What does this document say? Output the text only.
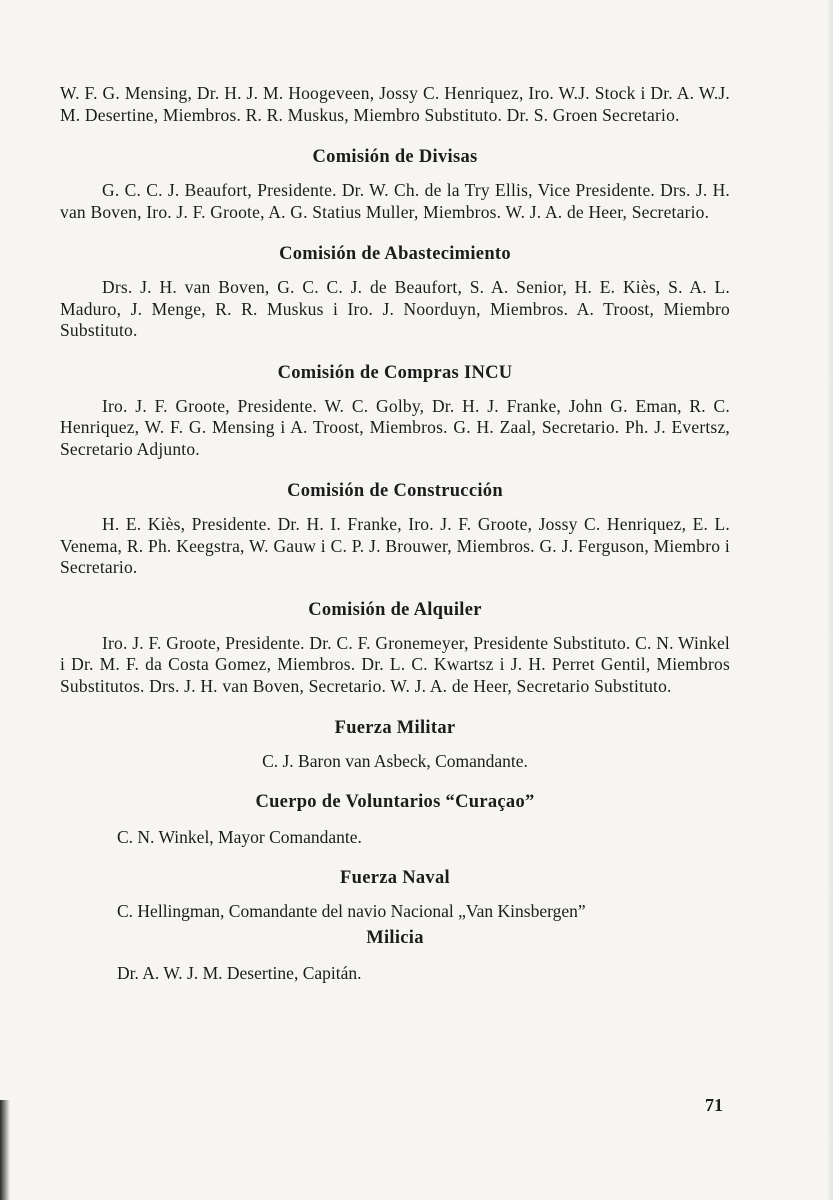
W. F. G. Mensing, Dr. H. J. M. Hoogeveen, Jossy C. Henriquez, Iro. W.J. Stock i Dr. A. W.J. M. Desertine, Miembros. R. R. Muskus, Miembro Substituto. Dr. S. Groen Secretario.

Comisión de Divisas

G. C. C. J. Beaufort, Presidente. Dr. W. Ch. de la Try Ellis, Vice Presidente. Drs. J. H. van Boven, Iro. J. F. Groote, A. G. Statius Muller, Miembros. W. J. A. de Heer, Secretario.

Comisión de Abastecimiento

Drs. J. H. van Boven, G. C. C. J. de Beaufort, S. A. Senior, H. E. Kiès, S. A. L. Maduro, J. Menge, R. R. Muskus i Iro. J. Noorduyn, Miembros. A. Troost, Miembro Substituto.

Comisión de Compras INCU

Iro. J. F. Groote, Presidente. W. C. Golby, Dr. H. J. Franke, John G. Eman, R. C. Henriquez, W. F. G. Mensing i A. Troost, Miembros. G. H. Zaal, Secretario. Ph. J. Evertsz, Secretario Adjunto.

Comisión de Construcción

H. E. Kiès, Presidente. Dr. H. I. Franke, Iro. J. F. Groote, Jossy C. Henriquez, E. L. Venema, R. Ph. Keegstra, W. Gauw i C. P. J. Brouwer, Miembros. G. J. Ferguson, Miembro i Secretario.

Comisión de Alquiler

Iro. J. F. Groote, Presidente. Dr. C. F. Gronemeyer, Presidente Substituto. C. N. Winkel i Dr. M. F. da Costa Gomez, Miembros. Dr. L. C. Kwartsz i J. H. Perret Gentil, Miembros Substitutos. Drs. J. H. van Boven, Secretario. W. J. A. de Heer, Secretario Substituto.

Fuerza Militar

C. J. Baron van Asbeck, Comandante.

Cuerpo de Voluntarios “Curaçao”

C. N. Winkel, Mayor Comandante.

Fuerza Naval

C. Hellingman, Comandante del navio Nacional „Van Kinsbergen”

Milicia

Dr. A. W. J. M. Desertine, Capitán.

71
